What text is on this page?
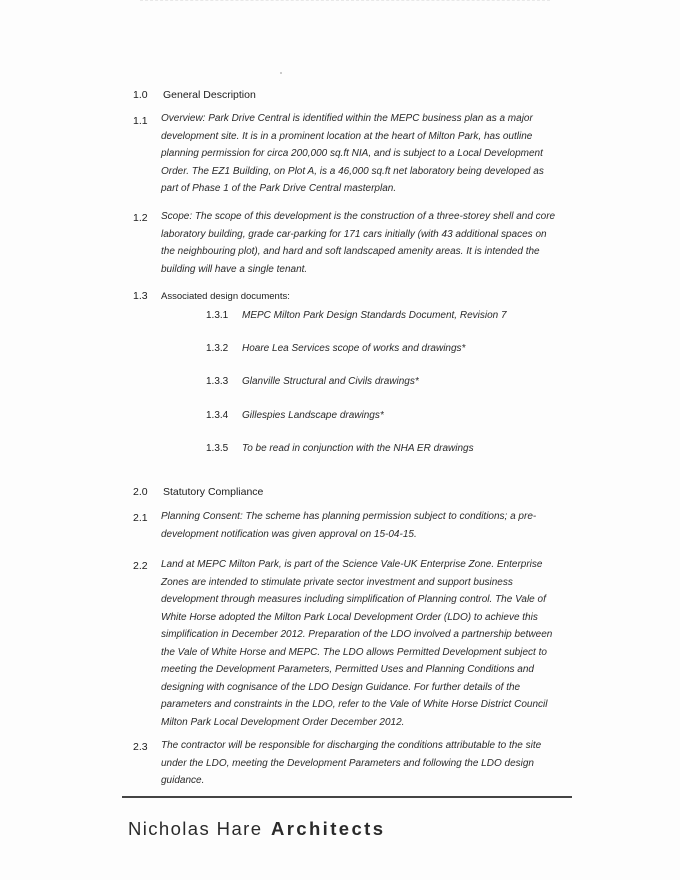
1.0 General Description
1.1 Overview: Park Drive Central is identified within the MEPC business plan as a major development site. It is in a prominent location at the heart of Milton Park, has outline planning permission for circa 200,000 sq.ft NIA, and is subject to a Local Development Order. The EZ1 Building, on Plot A, is a 46,000 sq.ft net laboratory being developed as part of Phase 1 of the Park Drive Central masterplan.
1.2 Scope: The scope of this development is the construction of a three-storey shell and core laboratory building, grade car-parking for 171 cars initially (with 43 additional spaces on the neighbouring plot), and hard and soft landscaped amenity areas. It is intended the building will have a single tenant.
1.3 Associated design documents:
1.3.1 MEPC Milton Park Design Standards Document, Revision 7
1.3.2 Hoare Lea Services scope of works and drawings*
1.3.3 Glanville Structural and Civils drawings*
1.3.4 Gillespies Landscape drawings*
1.3.5 To be read in conjunction with the NHA ER drawings
2.0 Statutory Compliance
2.1 Planning Consent: The scheme has planning permission subject to conditions; a pre-development notification was given approval on 15-04-15.
2.2 Land at MEPC Milton Park, is part of the Science Vale-UK Enterprise Zone. Enterprise Zones are intended to stimulate private sector investment and support business development through measures including simplification of Planning control. The Vale of White Horse adopted the Milton Park Local Development Order (LDO) to achieve this simplification in December 2012. Preparation of the LDO involved a partnership between the Vale of White Horse and MEPC. The LDO allows Permitted Development subject to meeting the Development Parameters, Permitted Uses and Planning Conditions and designing with cognisance of the LDO Design Guidance. For further details of the parameters and constraints in the LDO, refer to the Vale of White Horse District Council Milton Park Local Development Order December 2012.
2.3 The contractor will be responsible for discharging the conditions attributable to the site under the LDO, meeting the Development Parameters and following the LDO design guidance.
Nicholas Hare Architects
